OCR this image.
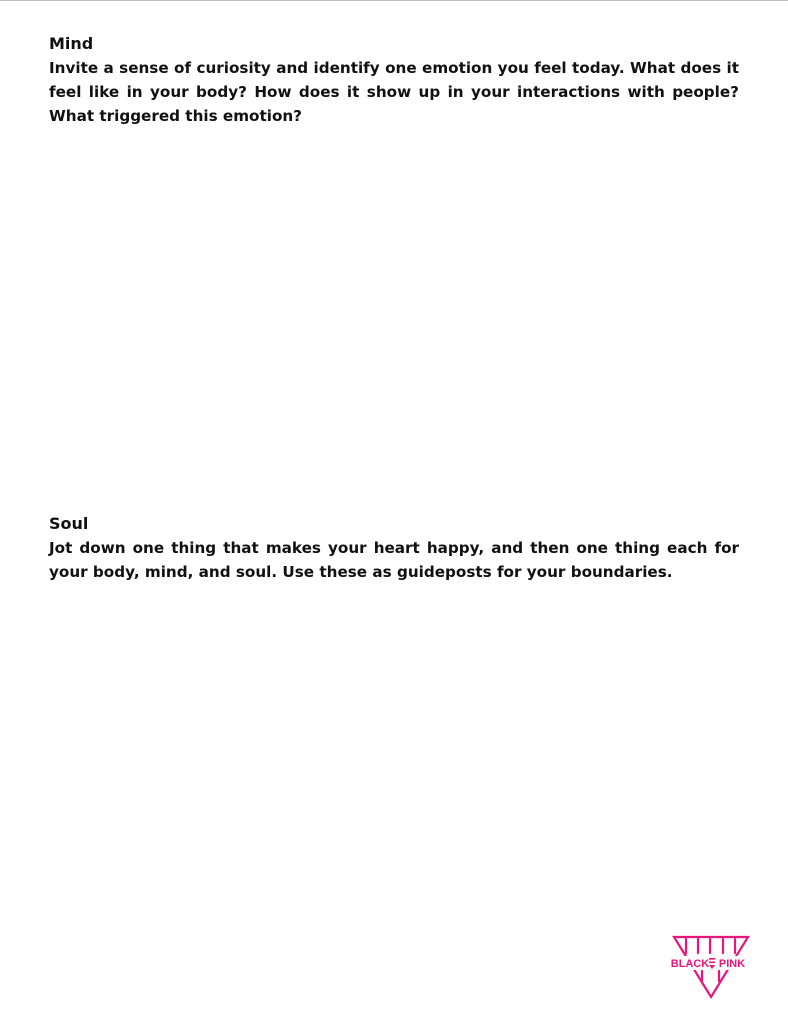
Mind

Invite a sense of curiosity and identify one emotion you feel today. What does it feel like in your body? How does it show up in your interactions with people? What triggered this emotion?

Soul

Jot down one thing that makes your heart happy, and then one thing each for your body, mind, and soul. Use these as guideposts for your boundaries.

BLACK PINK
